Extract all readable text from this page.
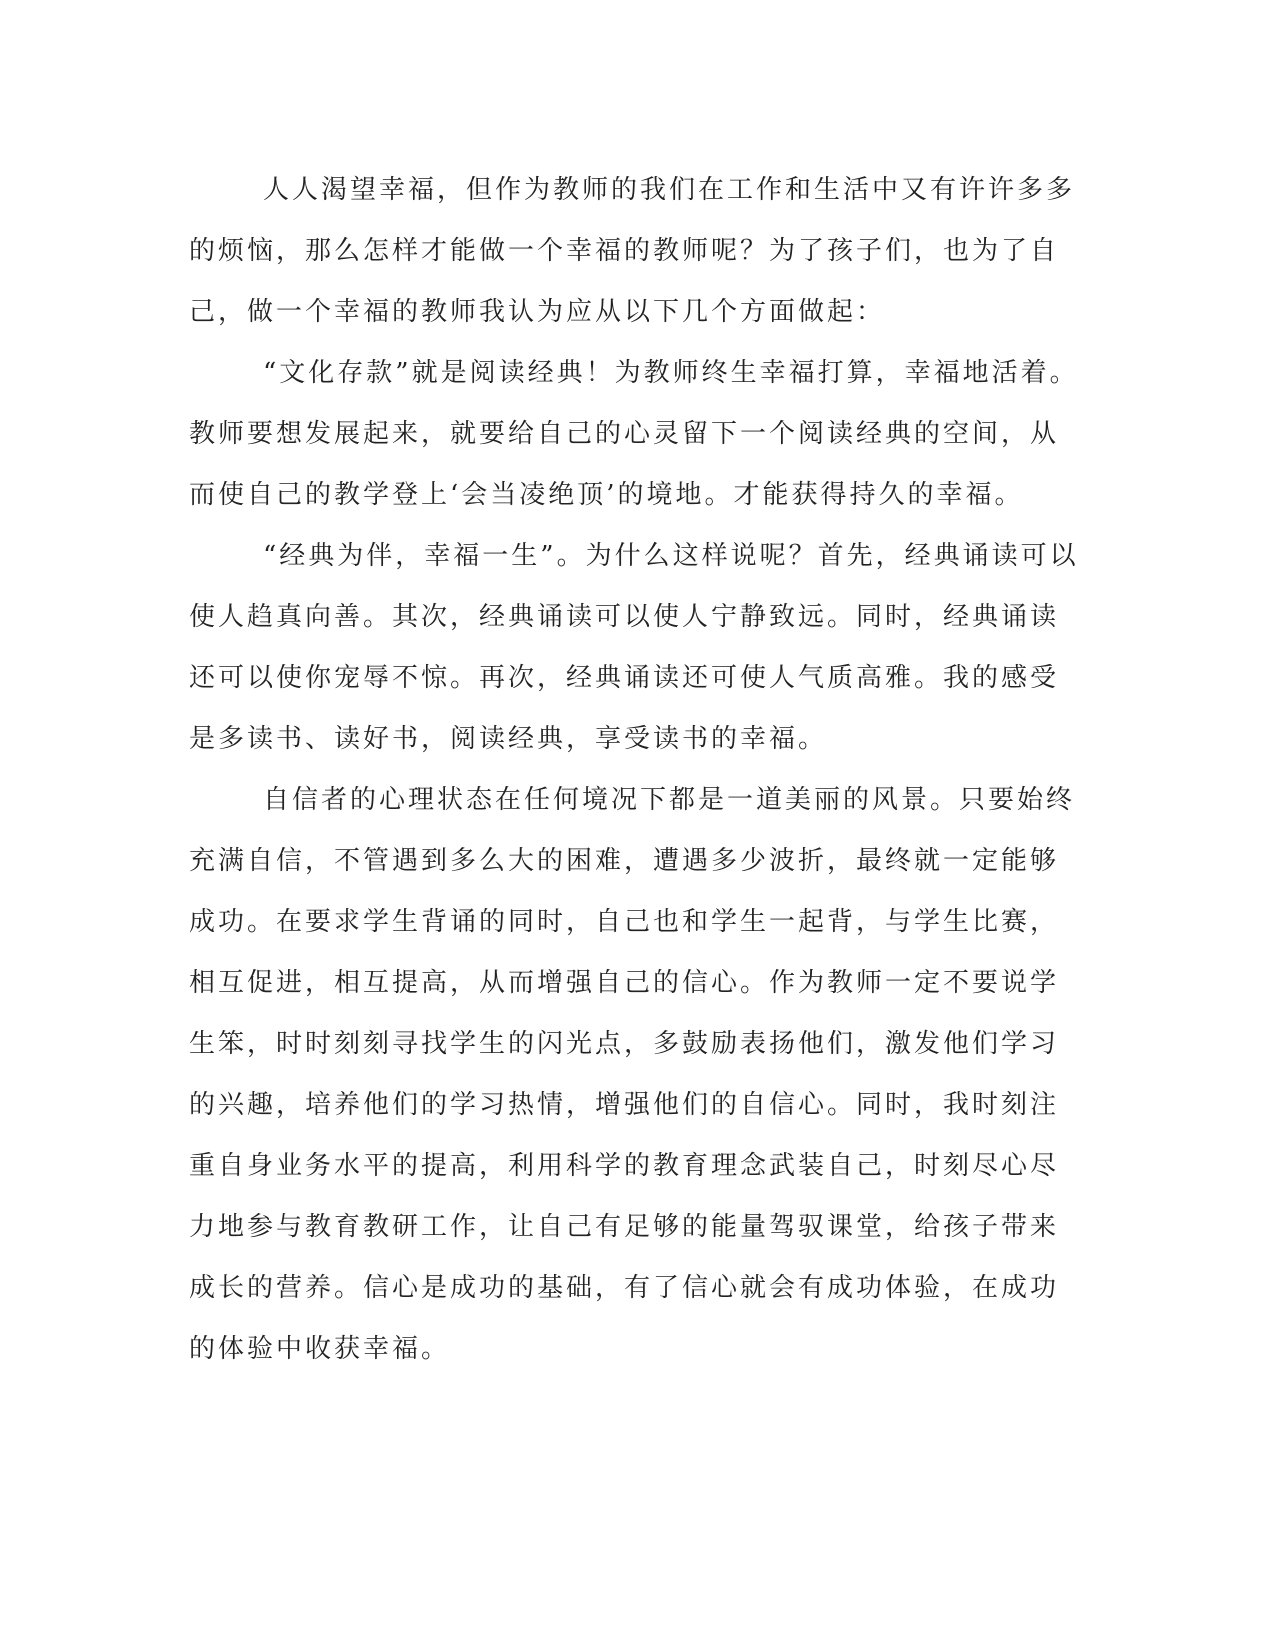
人人渴望幸福，但作为教师的我们在工作和生活中又有许许多多
的烦恼，那么怎样才能做一个幸福的教师呢？为了孩子们，也为了自
己，做一个幸福的教师我认为应从以下几个方面做起：
“文化存款”就是阅读经典！为教师终生幸福打算，幸福地活着。
教师要想发展起来，就要给自己的心灵留下一个阅读经典的空间，从
而使自己的教学登上‘会当凌绝顶’的境地。才能获得持久的幸福。
“经典为伴，幸福一生”。为什么这样说呢？首先，经典诵读可以
使人趋真向善。其次，经典诵读可以使人宁静致远。同时，经典诵读
还可以使你宠辱不惊。再次，经典诵读还可使人气质高雅。我的感受
是多读书、读好书，阅读经典，享受读书的幸福。
自信者的心理状态在任何境况下都是一道美丽的风景。只要始终
充满自信，不管遇到多么大的困难，遭遇多少波折，最终就一定能够
成功。在要求学生背诵的同时，自己也和学生一起背，与学生比赛，
相互促进，相互提高，从而增强自己的信心。作为教师一定不要说学
生笨，时时刻刻寻找学生的闪光点，多鼓励表扬他们，激发他们学习
的兴趣，培养他们的学习热情，增强他们的自信心。同时，我时刻注
重自身业务水平的提高，利用科学的教育理念武装自己，时刻尽心尽
力地参与教育教研工作，让自己有足够的能量驾驭课堂，给孩子带来
成长的营养。信心是成功的基础，有了信心就会有成功体验，在成功
的体验中收获幸福。
